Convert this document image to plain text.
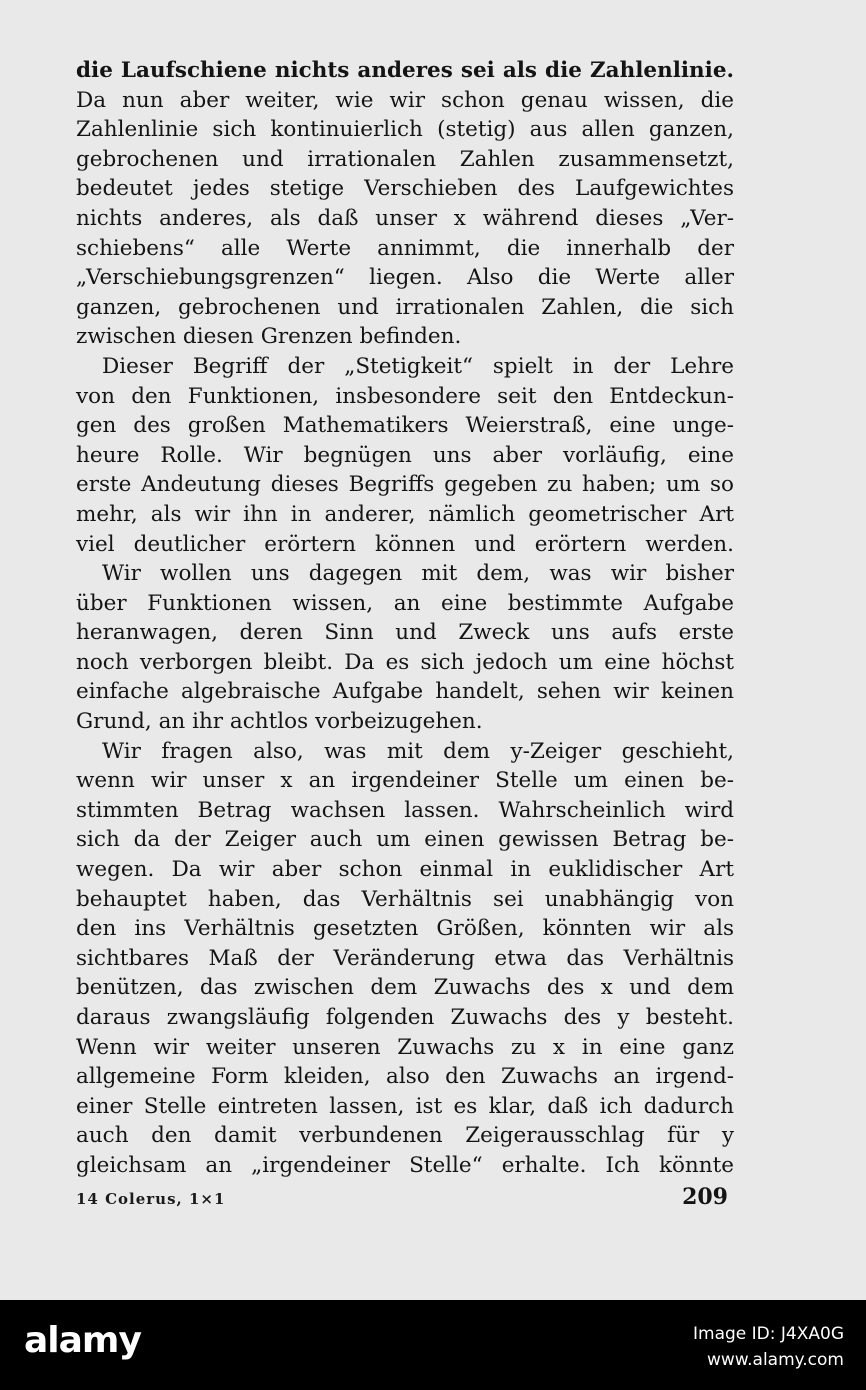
die Laufschiene nichts anderes sei als die Zahlenlinie.
Da nun aber weiter, wie wir schon genau wissen, die
Zahlenlinie sich kontinuierlich (stetig) aus allen ganzen,
gebrochenen und irrationalen Zahlen zusammensetzt,
bedeutet jedes stetige Verschieben des Laufgewichtes
nichts anderes, als daß unser x während dieses „Ver-
schiebens“ alle Werte annimmt, die innerhalb der
„Verschiebungsgrenzen“ liegen. Also die Werte aller
ganzen, gebrochenen und irrationalen Zahlen, die sich
zwischen diesen Grenzen befinden.
Dieser Begriff der „Stetigkeit“ spielt in der Lehre
von den Funktionen, insbesondere seit den Entdeckun-
gen des großen Mathematikers Weierstraß, eine unge-
heure Rolle. Wir begnügen uns aber vorläufig, eine
erste Andeutung dieses Begriffs gegeben zu haben; um so
mehr, als wir ihn in anderer, nämlich geometrischer Art
viel deutlicher erörtern können und erörtern werden.
Wir wollen uns dagegen mit dem, was wir bisher
über Funktionen wissen, an eine bestimmte Aufgabe
heranwagen, deren Sinn und Zweck uns aufs erste
noch verborgen bleibt. Da es sich jedoch um eine höchst
einfache algebraische Aufgabe handelt, sehen wir keinen
Grund, an ihr achtlos vorbeizugehen.
Wir fragen also, was mit dem y-Zeiger geschieht,
wenn wir unser x an irgendeiner Stelle um einen be-
stimmten Betrag wachsen lassen. Wahrscheinlich wird
sich da der Zeiger auch um einen gewissen Betrag be-
wegen. Da wir aber schon einmal in euklidischer Art
behauptet haben, das Verhältnis sei unabhängig von
den ins Verhältnis gesetzten Größen, könnten wir als
sichtbares Maß der Veränderung etwa das Verhältnis
benützen, das zwischen dem Zuwachs des x und dem
daraus zwangsläufig folgenden Zuwachs des y besteht.
Wenn wir weiter unseren Zuwachs zu x in eine ganz
allgemeine Form kleiden, also den Zuwachs an irgend-
einer Stelle eintreten lassen, ist es klar, daß ich dadurch
auch den damit verbundenen Zeigerausschlag für y
gleichsam an „irgendeiner Stelle“ erhalte. Ich könnte
14 Colerus, 1×1	209
alamy	Image ID: J4XA0G
www.alamy.com
